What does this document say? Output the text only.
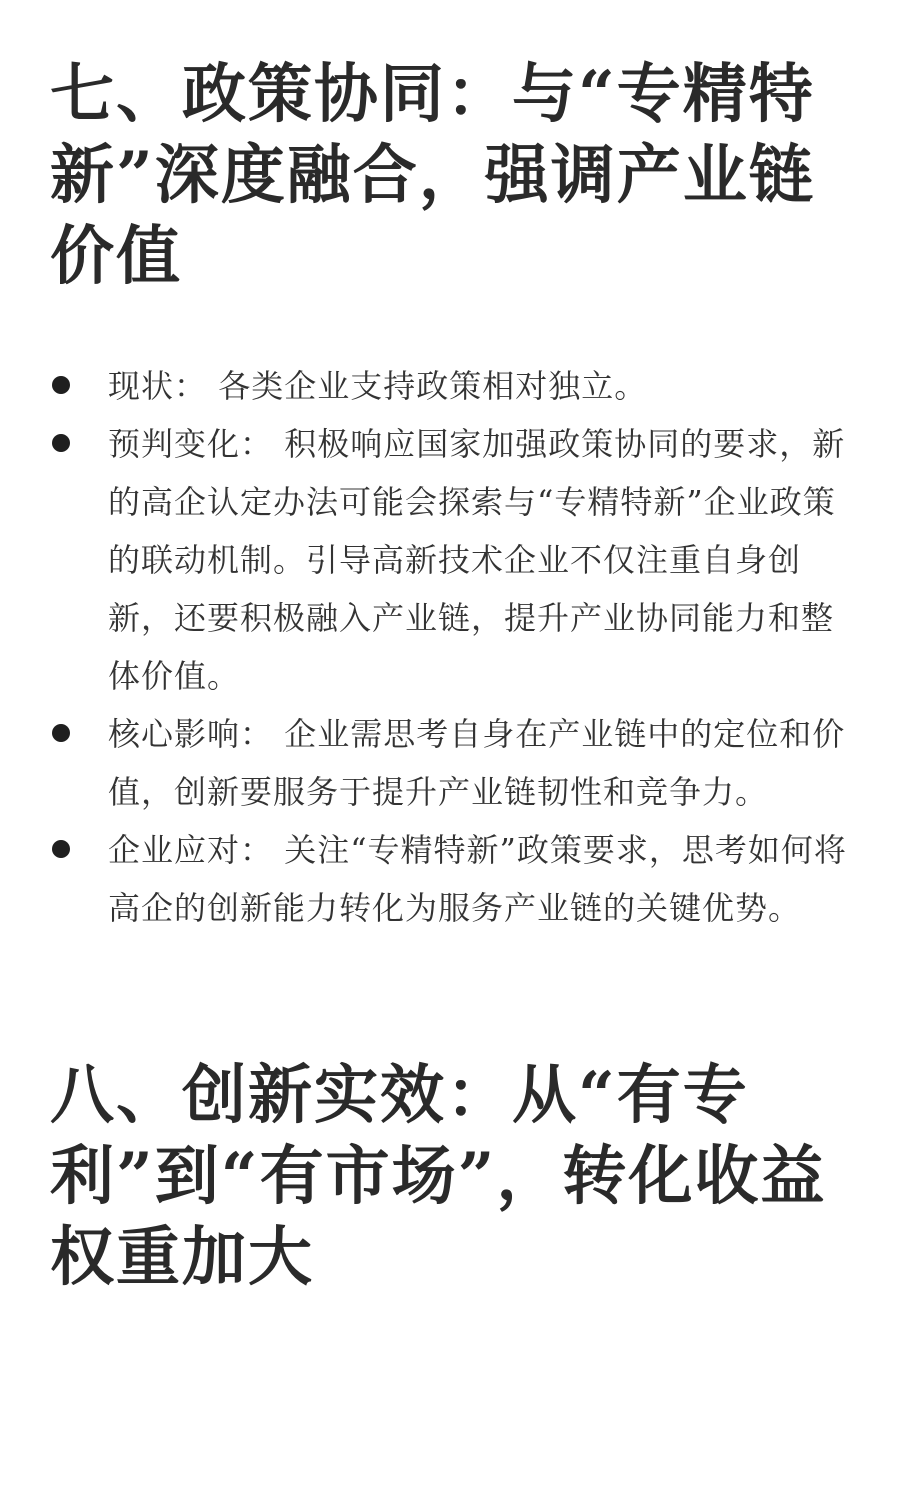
七、政策协同：与“专精特新”深度融合，强调产业链价值
现状： 各类企业支持政策相对独立。
预判变化： 积极响应国家加强政策协同的要求，新的高企认定办法可能会探索与“专精特新”企业政策的联动机制。引导高新技术企业不仅注重自身创新，还要积极融入产业链，提升产业协同能力和整体价值。
核心影响： 企业需思考自身在产业链中的定位和价值，创新要服务于提升产业链韧性和竞争力。
企业应对： 关注“专精特新”政策要求，思考如何将高企的创新能力转化为服务产业链的关键优势。
八、创新实效：从“有专利”到“有市场”，转化收益权重加大
